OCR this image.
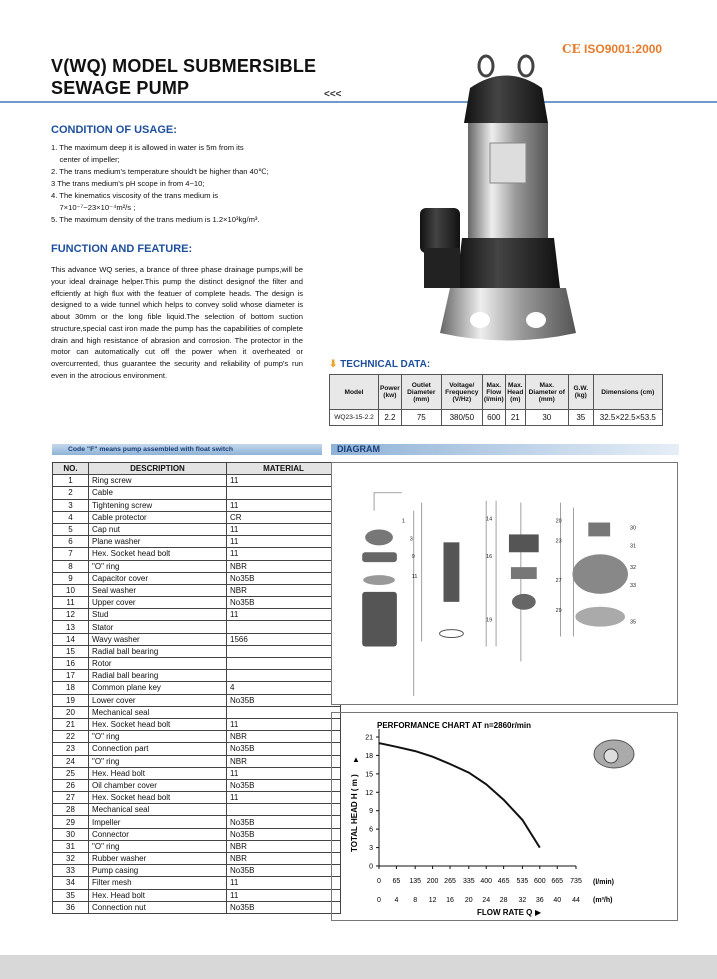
V(WQ) MODEL SUBMERSIBLE
SEWAGE PUMP	<<<
CE ISO9001:2000
CONDITION OF USAGE:
1. The maximum deep it is allowed in water is 5m from its
center of impeller;
2. The trans medium's temperature should't be higher than 40℃;
3 The trans medium's pH scope in from 4~10;
4. The kinematics viscosity of the trans medium is
7×10⁻⁷~23×10⁻⁴m²/s ;
5. The maximum density of the trans medium is 1.2×10³kg/m³.
FUNCTION AND FEATURE:
This advance WQ series, a brance of three phase drainage pumps,will be your ideal drainage helper.This pump the distinct designof the filter and effciently at high flux with the featuer of complete heads. The design is designed to a wide tunnel which helps to convey solid whose diameter is about 30mm or the long fible liquid.The selection of bottom suction structure,special cast iron made the pump has the capabilities of complete drain and high resistance of abrasion and corrosion. The protector in the motor can automatically cut off the power when it overheated or overcurrented, thus guarantee the security and reliability of pump's run even in the atrocious environment.
⬇ TECHNICAL DATA:
Model	Power (kw)	Outlet Diameter (mm)	Voltage/ Frequency (V/Hz)	Max. Flow (l/min)	Max. Head (m)	Max. Diameter of (mm)	G.W. (kg)	Dimensions (cm)
WQ23-15-2.2	2.2	75	380/50	600	21	30	35	32.5×22.5×53.5
Code "F" means pump assembled with float switch	DIAGRAM
NO.	DESCRIPTION	MATERIAL
1	Ring screw	11
2	Cable	
3	Tightening screw	11
4	Cable protector	CR
5	Cap nut	11
6	Plane washer	11
7	Hex. Socket head bolt	11
8	"O" ring	NBR
9	Capacitor cover	No35B
10	Seal washer	NBR
11	Upper cover	No35B
12	Stud	11
13	Stator	
14	Wavy washer	1566
15	Radial ball bearing	
16	Rotor	
17	Radial ball bearing	
18	Common plane key	4
19	Lower cover	No35B
20	Mechanical seal	
21	Hex. Socket head bolt	11
22	"O" ring	NBR
23	Connection part	No35B
24	"O" ring	NBR
25	Hex. Head bolt	11
26	Oil chamber cover	No35B
27	Hex. Socket head bolt	11
28	Mechanical seal	
29	Impeller	No35B
30	Connector	No35B
31	"O" ring	NBR
32	Rubber washer	NBR
33	Pump casing	No35B
34	Filter mesh	11
35	Hex. Head bolt	11
36	Connection nut	No35B
1
3
9
11
14
16
19
20
23
27
29
30
31
32
33
35
PERFORMANCE CHART AT n=2860r/min
TOTAL HEAD H ( m )
FLOW RATE Q ▶
(l/min)
(m³/h)
▲
21
18
15
12
9
6
3
0
0
0
65
4
135
8
200
12
265
16
335
20
400
24
465
28
535
32
600
36
665
40
735
44
